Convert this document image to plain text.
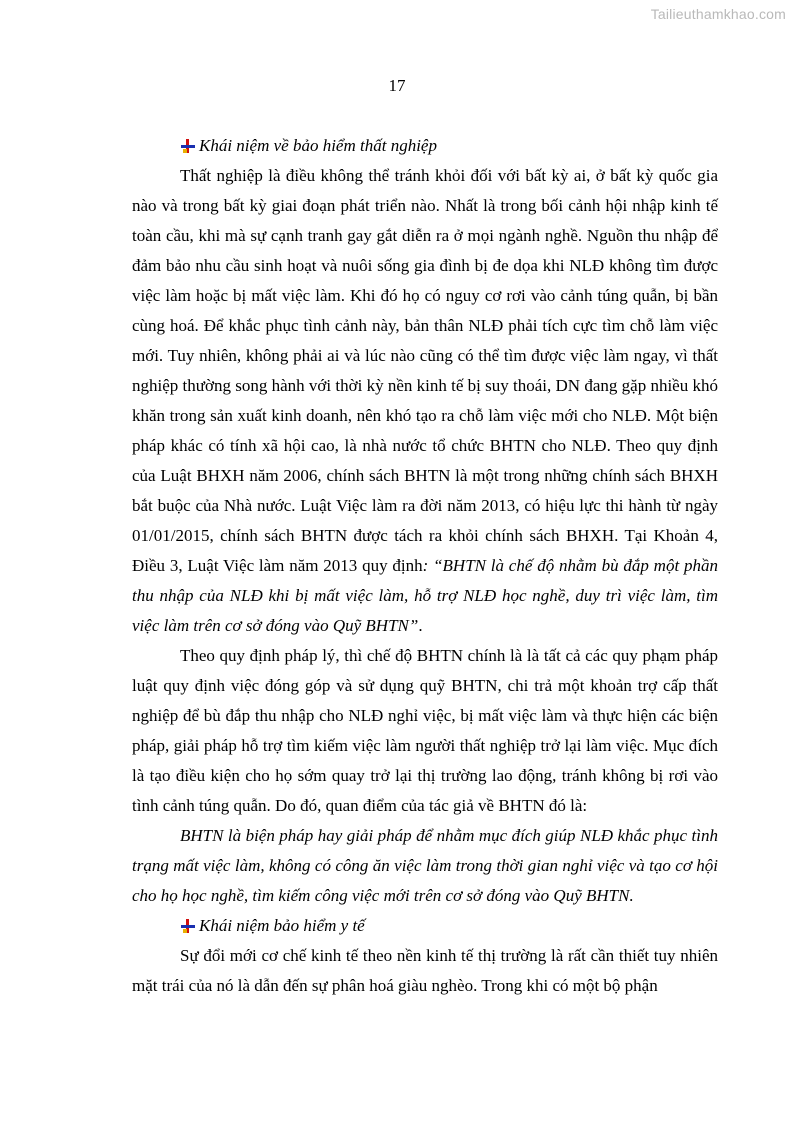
Tailieuthamkhao.com
17

Khái niệm về bảo hiểm thất nghiệp

Thất nghiệp là điều không thể tránh khỏi đối với bất kỳ ai, ở bất kỳ quốc gia nào và trong bất kỳ giai đoạn phát triển nào. Nhất là trong bối cảnh hội nhập kinh tế toàn cầu, khi mà sự cạnh tranh gay gắt diễn ra ở mọi ngành nghề. Nguồn thu nhập để đảm bảo nhu cầu sinh hoạt và nuôi sống gia đình bị đe dọa khi NLĐ không tìm được việc làm hoặc bị mất việc làm. Khi đó họ có nguy cơ rơi vào cảnh túng quẫn, bị bần cùng hoá. Để khắc phục tình cảnh này, bản thân NLĐ phải tích cực tìm chỗ làm việc mới. Tuy nhiên, không phải ai và lúc nào cũng có thể tìm được việc làm ngay, vì thất nghiệp thường song hành với thời kỳ nền kinh tế bị suy thoái, DN đang gặp nhiều khó khăn trong sản xuất kinh doanh, nên khó tạo ra chỗ làm việc mới cho NLĐ. Một biện pháp khác có tính xã hội cao, là nhà nước tổ chức BHTN cho NLĐ. Theo quy định của Luật BHXH năm 2006, chính sách BHTN là một trong những chính sách BHXH bắt buộc của Nhà nước. Luật Việc làm ra đời năm 2013, có hiệu lực thi hành từ ngày 01/01/2015, chính sách BHTN được tách ra khỏi chính sách BHXH. Tại Khoản 4, Điều 3, Luật Việc làm năm 2013 quy định: “BHTN là chế độ nhằm bù đắp một phần thu nhập của NLĐ khi bị mất việc làm, hỗ trợ NLĐ học nghề, duy trì việc làm, tìm việc làm trên cơ sở đóng vào Quỹ BHTN”.

Theo quy định pháp lý, thì chế độ BHTN chính là là tất cả các quy phạm pháp luật quy định việc đóng góp và sử dụng quỹ BHTN, chi trả một khoản trợ cấp thất nghiệp để bù đắp thu nhập cho NLĐ nghỉ việc, bị mất việc làm và thực hiện các biện pháp, giải pháp hỗ trợ tìm kiếm việc làm người thất nghiệp trở lại làm việc. Mục đích là tạo điều kiện cho họ sớm quay trở lại thị trường lao động, tránh không bị rơi vào tình cảnh túng quẫn. Do đó, quan điểm của tác giả về BHTN đó là:

BHTN là biện pháp hay giải pháp để nhằm mục đích giúp NLĐ khắc phục tình trạng mất việc làm, không có công ăn việc làm trong thời gian nghỉ việc và tạo cơ hội cho họ học nghề, tìm kiếm công việc mới trên cơ sở đóng vào Quỹ BHTN.

Khái niệm bảo hiểm y tế

Sự đổi mới cơ chế kinh tế theo nền kinh tế thị trường là rất cần thiết tuy nhiên mặt trái của nó là dẫn đến sự phân hoá giàu nghèo. Trong khi có một bộ phận
